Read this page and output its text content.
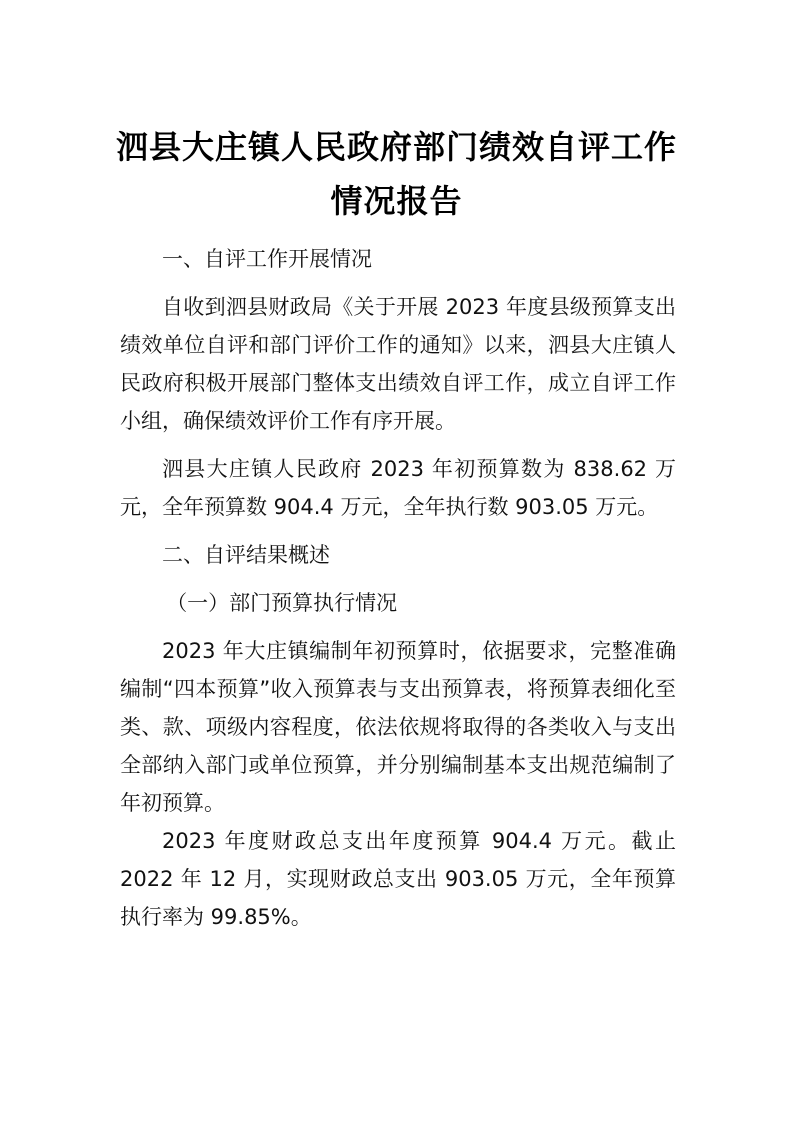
泗县大庄镇人民政府部门绩效自评工作情况报告

一、自评工作开展情况

自收到泗县财政局《关于开展 2023 年度县级预算支出绩效单位自评和部门评价工作的通知》以来，泗县大庄镇人民政府积极开展部门整体支出绩效自评工作，成立自评工作小组，确保绩效评价工作有序开展。

泗县大庄镇人民政府 2023 年初预算数为 838.62 万元，全年预算数 904.4 万元，全年执行数 903.05 万元。

二、自评结果概述

（一）部门预算执行情况

2023 年大庄镇编制年初预算时，依据要求，完整准确编制“四本预算”收入预算表与支出预算表，将预算表细化至类、款、项级内容程度，依法依规将取得的各类收入与支出全部纳入部门或单位预算，并分别编制基本支出规范编制了年初预算。

2023 年度财政总支出年度预算 904.4 万元。截止 2022 年 12 月，实现财政总支出 903.05 万元，全年预算执行率为 99.85%。
